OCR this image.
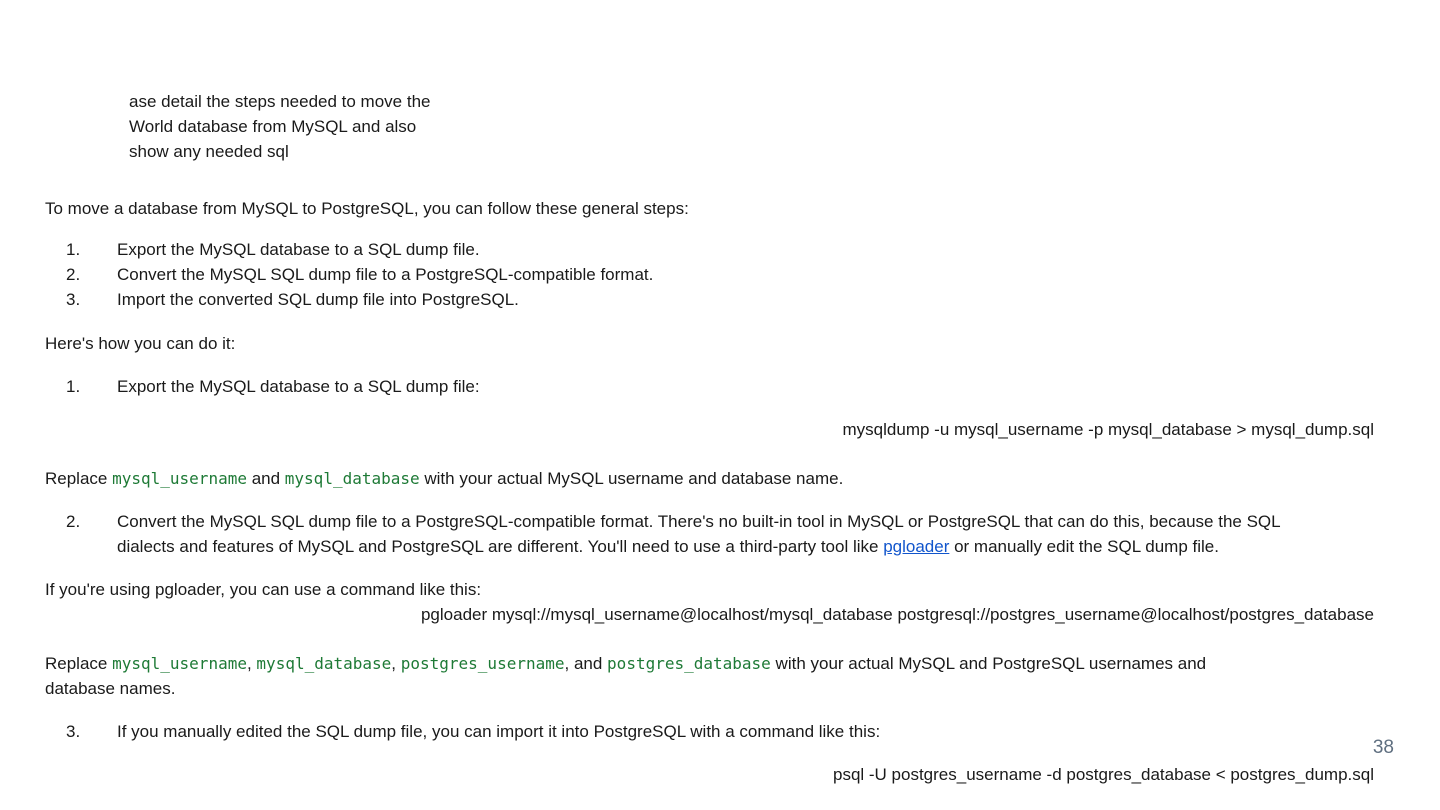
ase detail the steps needed to move the
World database from MySQL and also
show any needed sql
To move a database from MySQL to PostgreSQL, you can follow these general steps:
1.	Export the MySQL database to a SQL dump file.
2.	Convert the MySQL SQL dump file to a PostgreSQL-compatible format.
3.	Import the converted SQL dump file into PostgreSQL.
Here's how you can do it:
1.	Export the MySQL database to a SQL dump file:
mysqldump -u mysql_username -p mysql_database > mysql_dump.sql
Replace mysql_username and mysql_database with your actual MySQL username and database name.
2.	Convert the MySQL SQL dump file to a PostgreSQL-compatible format. There's no built-in tool in MySQL or PostgreSQL that can do this, because the SQL
dialects and features of MySQL and PostgreSQL are different. You'll need to use a third-party tool like pgloader or manually edit the SQL dump file.
If you're using pgloader, you can use a command like this:
pgloader mysql://mysql_username@localhost/mysql_database postgresql://postgres_username@localhost/postgres_database
Replace mysql_username, mysql_database, postgres_username, and postgres_database with your actual MySQL and PostgreSQL usernames and
database names.
3.	If you manually edited the SQL dump file, you can import it into PostgreSQL with a command like this:
38
psql -U postgres_username -d postgres_database < postgres_dump.sql
